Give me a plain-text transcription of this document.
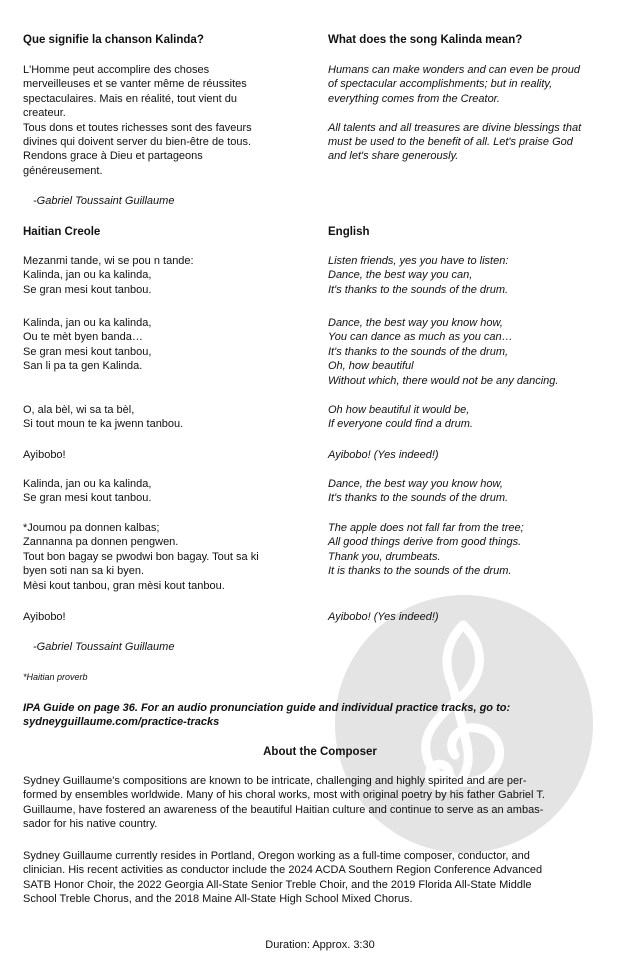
Que signifie la chanson Kalinda?	What does the song Kalinda mean?
L'Homme peut accomplire des choses
merveilleuses et se vanter même de réussites
spectaculaires. Mais en réalité, tout vient du
createur.
Tous dons et toutes richesses sont des faveurs
divines qui doivent server du bien-être de tous.
Rendons grace à Dieu et partageons
généreusement.
Humans can make wonders and can even be proud
of spectacular accomplishments; but in reality,
everything comes from the Creator.
All talents and all treasures are divine blessings that
must be used to the benefit of all. Let's praise God
and let's share generously.
-Gabriel Toussaint Guillaume
Haitian Creole	English
Mezanmi tande, wi se pou n tande:
Kalinda, jan ou ka kalinda,
Se gran mesi kout tanbou.
Kalinda, jan ou ka kalinda,
Ou te mèt byen banda…
Se gran mesi kout tanbou,
San li pa ta gen Kalinda.
O, ala bèl, wi sa ta bèl,
Si tout moun te ka jwenn tanbou.
Ayibobo!
Kalinda, jan ou ka kalinda,
Se gran mesi kout tanbou.
*Joumou pa donnen kalbas;
Zannanna pa donnen pengwen.
Tout bon bagay se pwodwi bon bagay. Tout sa ki
byen soti nan sa ki byen.
Mèsi kout tanbou, gran mèsi kout tanbou.
Ayibobo!
Listen friends, yes you have to listen:
Dance, the best way you can,
It's thanks to the sounds of the drum.
Dance, the best way you know how,
You can dance as much as you can…
It's thanks to the sounds of the drum,
Oh, how beautiful
Without which, there would not be any dancing.
Oh how beautiful it would be,
If everyone could find a drum.
Ayibobo! (Yes indeed!)
Dance, the best way you know how,
It's thanks to the sounds of the drum.
The apple does not fall far from the tree;
All good things derive from good things.
Thank you, drumbeats.
It is thanks to the sounds of the drum.
Ayibobo! (Yes indeed!)
-Gabriel Toussaint Guillaume
*Haitian proverb
IPA Guide on page 36. For an audio pronunciation guide and individual practice tracks, go to:
sydneyguillaume.com/practice-tracks
About the Composer
Sydney Guillaume's compositions are known to be intricate, challenging and highly spirited and are per-
formed by ensembles worldwide. Many of his choral works, most with original poetry by his father Gabriel T.
Guillaume, have fostered an awareness of the beautiful Haitian culture and continue to serve as an ambas-
sador for his native country.
Sydney Guillaume currently resides in Portland, Oregon working as a full-time composer, conductor, and
clinician. His recent activities as conductor include the 2024 ACDA Southern Region Conference Advanced
SATB Honor Choir, the 2022 Georgia All-State Senior Treble Choir, and the 2019 Florida All-State Middle
School Treble Chorus, and the 2018 Maine All-State High School Mixed Chorus.
Duration: Approx. 3:30
